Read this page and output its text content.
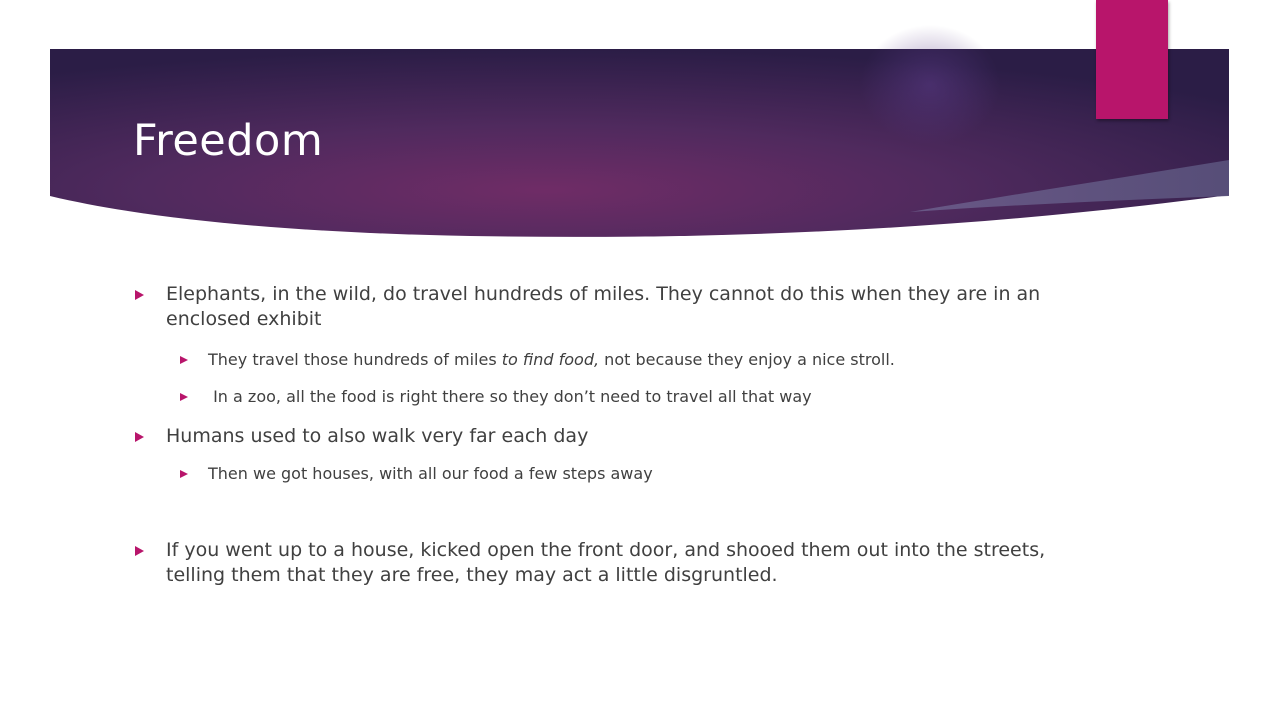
Freedom
Elephants, in the wild, do travel hundreds of miles. They cannot do this when they are in an enclosed exhibit
They travel those hundreds of miles to find food, not because they enjoy a nice stroll.
In a zoo, all the food is right there so they don’t need to travel all that way
Humans used to also walk very far each day
Then we got houses, with all our food a few steps away
If you went up to a house, kicked open the front door, and shooed them out into the streets, telling them that they are free, they may act a little disgruntled.
